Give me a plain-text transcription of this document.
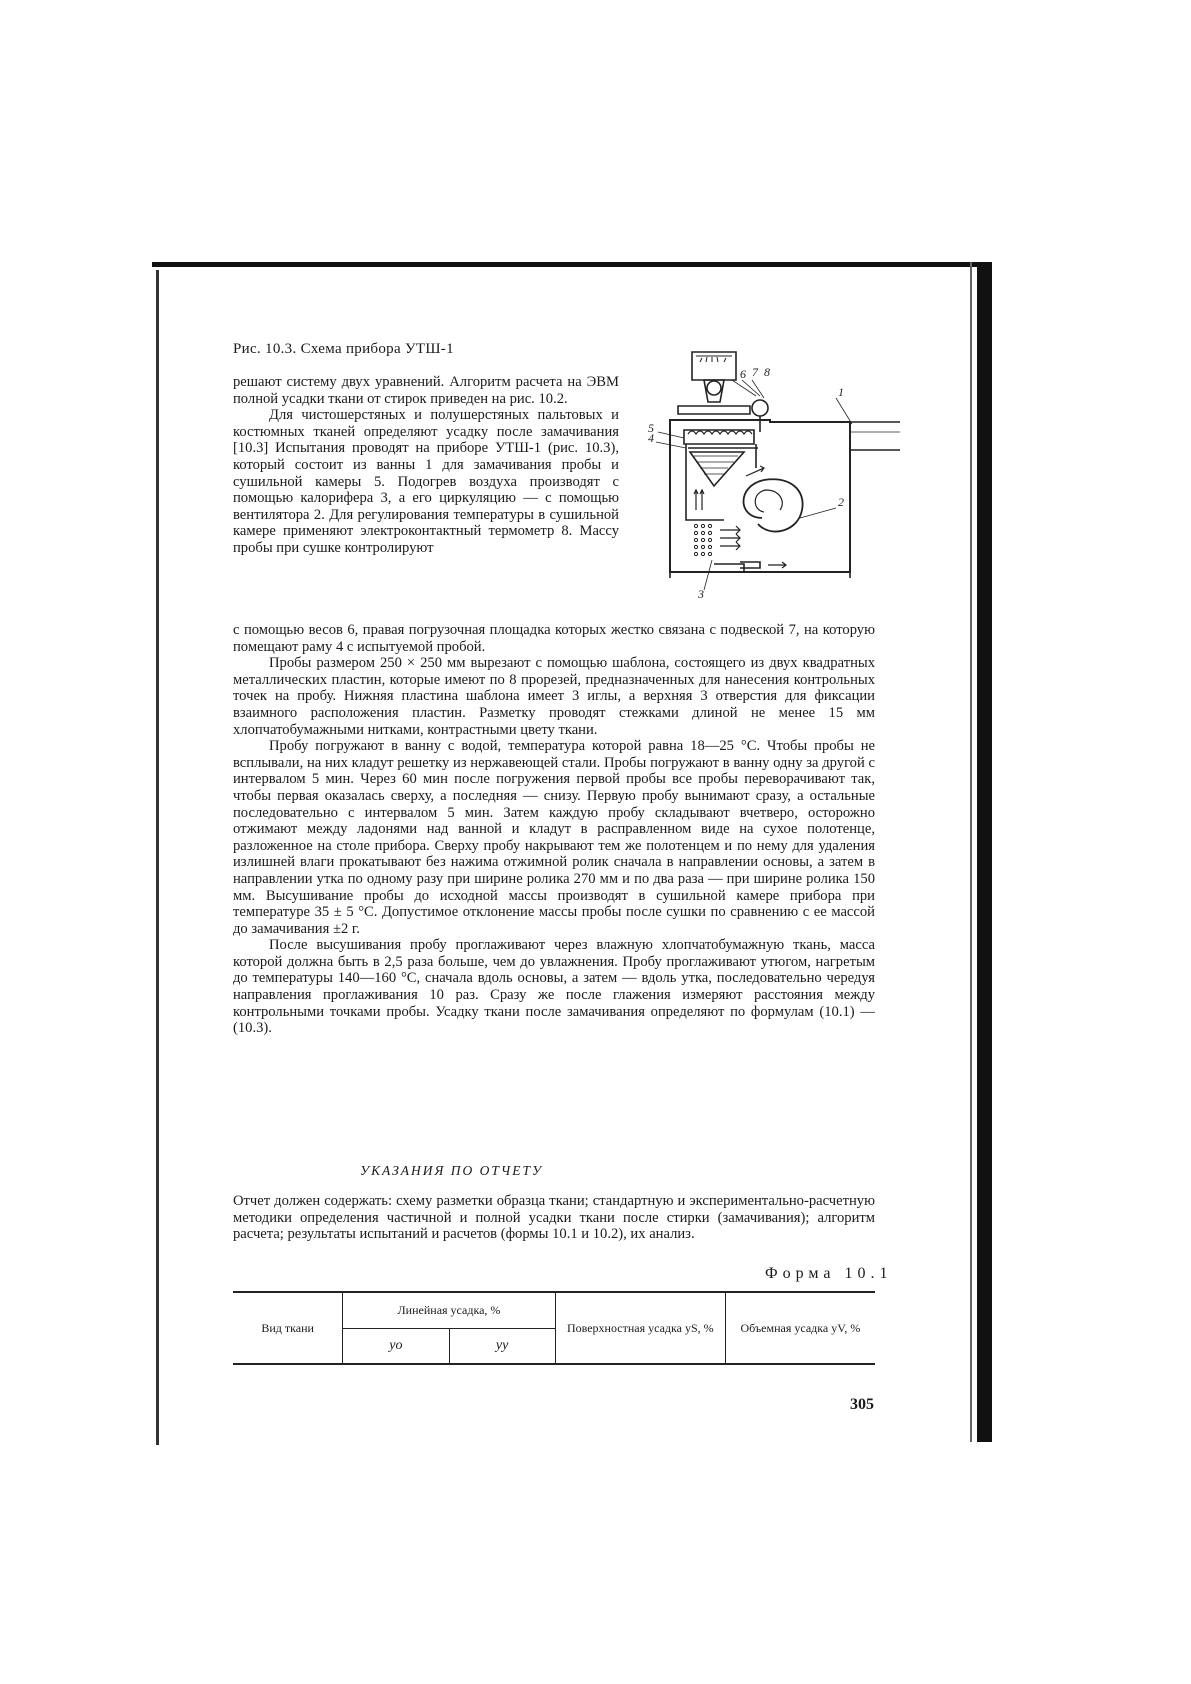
Рис. 10.3. Схема прибора УТШ-1
1
2
3
4
5
6 7 8
решают систему двух уравнений. Алгоритм расчета на ЭВМ полной усадки ткани от стирок приведен на рис. 10.2.
Для чистошерстяных и полушерстяных пальтовых и костюмных тканей определяют усадку после замачивания [10.3] Испытания проводят на приборе УТШ-1 (рис. 10.3), который состоит из ванны 1 для замачивания пробы и сушильной камеры 5. Подогрев воздуха производят с помощью калорифера 3, а его циркуляцию — с помощью вентилятора 2. Для регулирования температуры в сушильной камере применяют электроконтактный термометр 8. Массу пробы при сушке контролируют
с помощью весов 6, правая погрузочная площадка которых жестко связана с подвеской 7, на которую помещают раму 4 с испытуемой пробой.
Пробы размером 250 × 250 мм вырезают с помощью шаблона, состоящего из двух квадратных металлических пластин, которые имеют по 8 прорезей, предназначенных для нанесения контрольных точек на пробу. Нижняя пластина шаблона имеет 3 иглы, а верхняя 3 отверстия для фиксации взаимного расположения пластин. Разметку проводят стежками длиной не менее 15 мм хлопчатобумажными нитками, контрастными цвету ткани.
Пробу погружают в ванну с водой, температура которой равна 18—25 °С. Чтобы пробы не всплывали, на них кладут решетку из нержавеющей стали. Пробы погружают в ванну одну за другой с интервалом 5 мин. Через 60 мин после погружения первой пробы все пробы переворачивают так, чтобы первая оказалась сверху, а последняя — снизу. Первую пробу вынимают сразу, а остальные последовательно с интервалом 5 мин. Затем каждую пробу складывают вчетверо, осторожно отжимают между ладонями над ванной и кладут в расправленном виде на сухое полотенце, разложенное на столе прибора. Сверху пробу накрывают тем же полотенцем и по нему для удаления излишней влаги прокатывают без нажима отжимной ролик сначала в направлении основы, а затем в направлении утка по одному разу при ширине ролика 270 мм и по два раза — при ширине ролика 150 мм. Высушивание пробы до исходной массы производят в сушильной камере прибора при температуре 35 ± 5 °С. Допустимое отклонение массы пробы после сушки по сравнению с ее массой до замачивания ±2 г.
После высушивания пробу проглаживают через влажную хлопчатобумажную ткань, масса которой должна быть в 2,5 раза больше, чем до увлажнения. Пробу проглаживают утюгом, нагретым до температуры 140—160 °С, сначала вдоль основы, а затем — вдоль утка, последовательно чередуя направления проглаживания 10 раз. Сразу же после глажения измеряют расстояния между контрольными точками пробы. Усадку ткани после замачивания определяют по формулам (10.1) — (10.3).
УКАЗАНИЯ ПО ОТЧЕТУ
Отчет должен содержать: схему разметки образца ткани; стандартную и экспериментально-расчетную методики определения частичной и полной усадки ткани после стирки (замачивания); алгоритм расчета; результаты испытаний и расчетов (формы 10.1 и 10.2), их анализ.
Форма 10.1
Вид ткани	Линейная усадка, %		Поверхностная усадка yS, %	Объемная усадка yV, %
	yo	yy		
305
